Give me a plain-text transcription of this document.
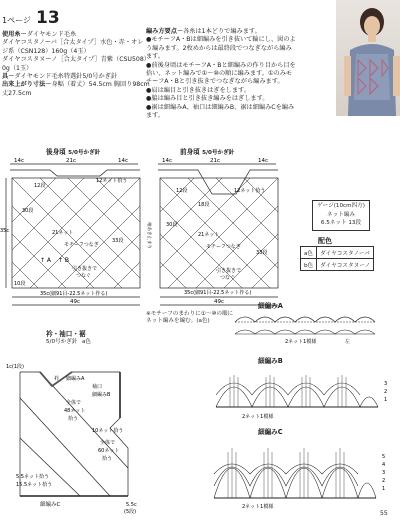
1ページ 13
使用糸ーダイヤモンド毛糸
ダイヤコスタノーバ［合太タイプ］水色・赤・オレ
ジ系（CSN128）160g（4玉）
ダイヤコスタヌーノ［合太タイプ］青紫（CSU508）
0g（1玉）
具ーダイヤモンド毛糸特選針5/0号かぎ針
出来上がり寸法ー身幅（着丈）54.5cm 胸回り98cm
丈27.5cm
編み方要点ー各糸は1本どりで編みます。
●モチーフA・Bは細編みを引き抜いて輪にし、図のよ
う編みます。2枚めからは最終段でつなぎながら編み
ます。
●前後身頃はモチーフA・Bと細編みの作り目から目を
拾い、ネット編みで①～⑩の順に編みます。①のみモ
チーフA・Bと引き抜きでつなぎながら編みます。
●肩は編目と引き抜きはぎをします。
●脇は編み目と引き抜き編みをはぎします。
●裾は細編みA、袖口は細編みB、裾は細編みCを編み
ます。
後身頃 5/0号かぎ針
14c	21c	14c
12段
12ネット拾う
30段
35c	袖あき止まり
33段
21ネット
モチーフつなぎ
引き抜きで
つなぐ
↑ A ↑ B
10段
35c(細91目-22.5ネット作る)
49c
前身頃 5/0号かぎ針
14c	21c	14c
12段	12ネット拾う
18段
30段
21ネット
モチーフつなぎ
33段
引き抜きで
つなぐ
35c(細91目-22.5ネット作る)
49c
※モチーフのまわりに①～⑩の順に
ネット編みを編む。(a色)
ゲージ(10cm四方)
ネット編み
6.5ネット 13段
配色
a色	ダイヤコスタノーバ
b色	ダイヤコスタヌーノ
衿・袖口・裾
5/0号かぎ針 a色
1c(1段)
衿 細編みA
全体で
48ネット
拾う
袖口
細編みB
10ネット拾う
全体で
60ネット
拾う
5.5ネット拾う
15.5ネット拾う
細編みC	5.5c
(5段)
細編みA
2ネット1模様	左
細編みB
3
2
1
2ネット1模様
細編みC
5
4
3
2
1
2ネット1模様
55
